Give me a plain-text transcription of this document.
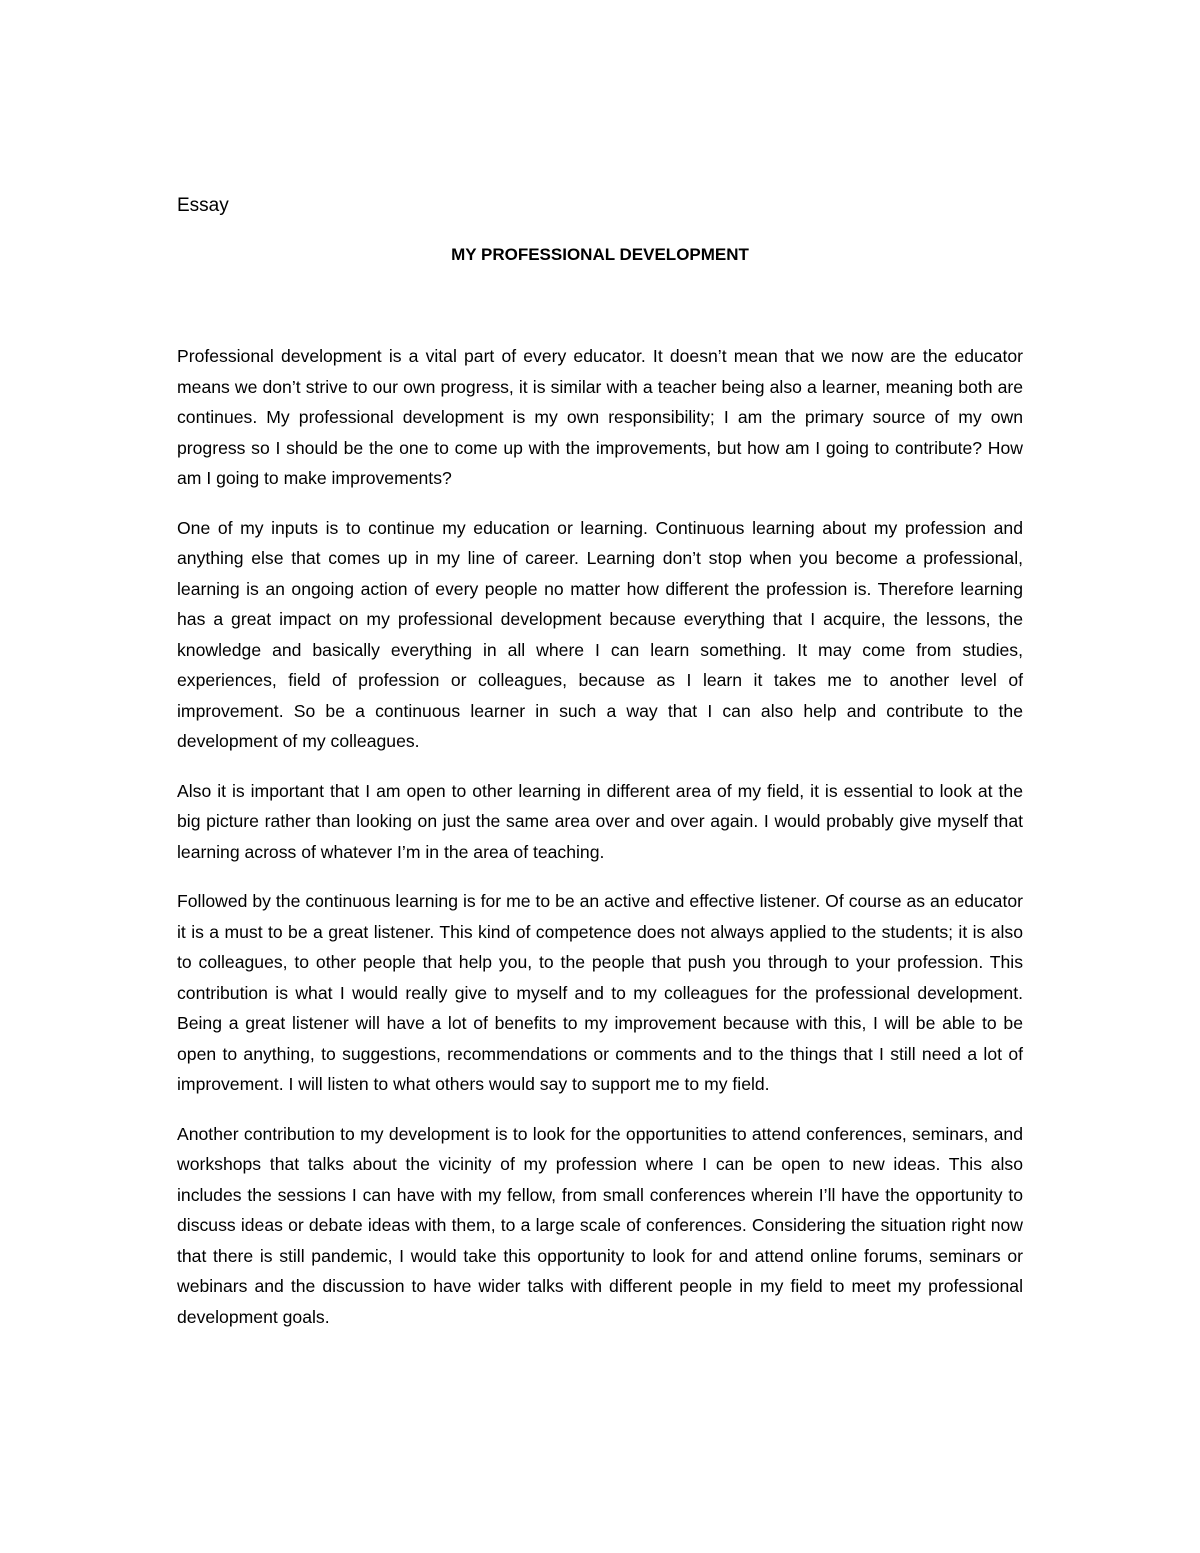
Essay
MY PROFESSIONAL DEVELOPMENT

Professional development is a vital part of every educator. It doesn’t mean that we now are the educator means we don’t strive to our own progress, it is similar with a teacher being also a learner, meaning both are continues. My professional development is my own responsibility; I am the primary source of my own progress so I should be the one to come up with the improvements, but how am I going to contribute? How am I going to make improvements?

One of my inputs is to continue my education or learning. Continuous learning about my profession and anything else that comes up in my line of career. Learning don’t stop when you become a professional, learning is an ongoing action of every people no matter how different the profession is. Therefore learning has a great impact on my professional development because everything that I acquire, the lessons, the knowledge and basically everything in all where I can learn something. It may come from studies, experiences, field of profession or colleagues, because as I learn it takes me to another level of improvement. So be a continuous learner in such a way that I can also help and contribute to the development of my colleagues.

Also it is important that I am open to other learning in different area of my field, it is essential to look at the big picture rather than looking on just the same area over and over again. I would probably give myself that learning across of whatever I’m in the area of teaching.

Followed by the continuous learning is for me to be an active and effective listener. Of course as an educator it is a must to be a great listener. This kind of competence does not always applied to the students; it is also to colleagues, to other people that help you, to the people that push you through to your profession. This contribution is what I would really give to myself and to my colleagues for the professional development. Being a great listener will have a lot of benefits to my improvement because with this, I will be able to be open to anything, to suggestions, recommendations or comments and to the things that I still need a lot of improvement. I will listen to what others would say to support me to my field.

Another contribution to my development is to look for the opportunities to attend conferences, seminars, and workshops that talks about the vicinity of my profession where I can be open to new ideas. This also includes the sessions I can have with my fellow, from small conferences wherein I’ll have the opportunity to discuss ideas or debate ideas with them, to a large scale of conferences. Considering the situation right now that there is still pandemic, I would take this opportunity to look for and attend online forums, seminars or webinars and the discussion to have wider talks with different people in my field to meet my professional development goals.
